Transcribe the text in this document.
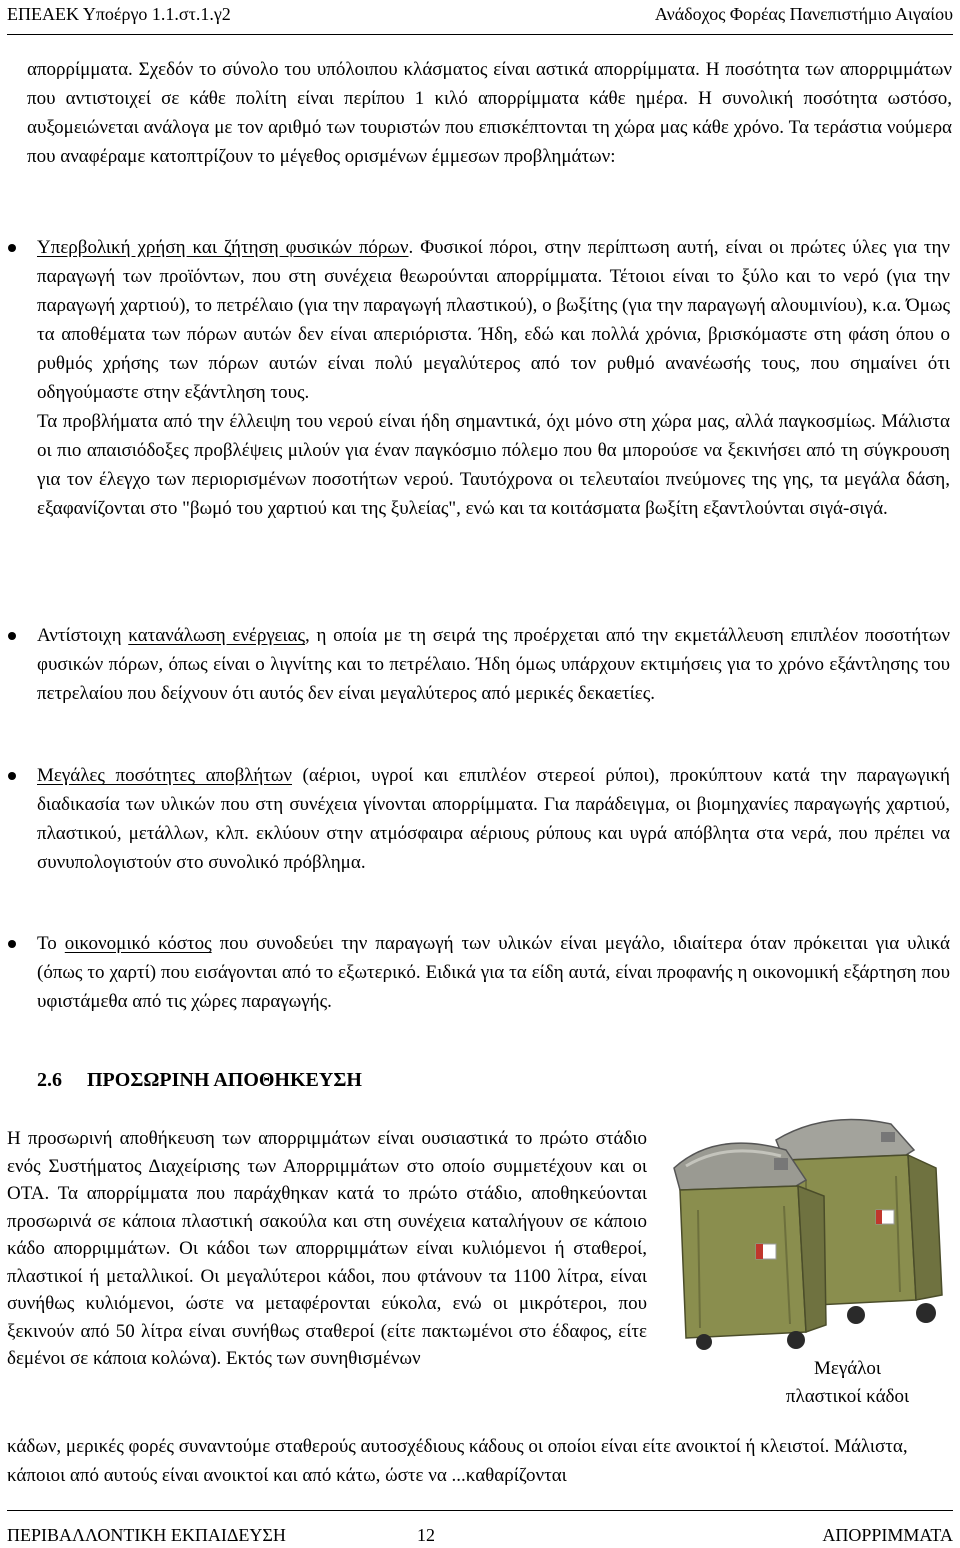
ΕΠΕΑΕΚ Υποέργο 1.1.στ.1.γ2	Ανάδοχος Φορέας Πανεπιστήμιο Αιγαίου

απορρίμματα. Σχεδόν το σύνολο του υπόλοιπου κλάσματος είναι αστικά απορρίμματα. Η ποσότητα των απορριμμάτων που αντιστοιχεί σε κάθε πολίτη είναι περίπου 1 κιλό απορρίμματα κάθε ημέρα. Η συνολική ποσότητα ωστόσο, αυξομειώνεται ανάλογα με τον αριθμό των τουριστών που επισκέπτονται τη χώρα μας κάθε χρόνο. Τα τεράστια νούμερα που αναφέραμε κατοπτρίζουν το μέγεθος ορισμένων έμμεσων προβλημάτων:

Υπερβολική χρήση και ζήτηση φυσικών πόρων. Φυσικοί πόροι, στην περίπτωση αυτή, είναι οι πρώτες ύλες για την παραγωγή των προϊόντων, που στη συνέχεια θεωρούνται απορρίμματα. Τέτοιοι είναι το ξύλο και το νερό (για την παραγωγή χαρτιού), το πετρέλαιο (για την παραγωγή πλαστικού), ο βωξίτης (για την παραγωγή αλουμινίου), κ.α. Όμως τα αποθέματα των πόρων αυτών δεν είναι απεριόριστα. Ήδη, εδώ και πολλά χρόνια, βρισκόμαστε στη φάση όπου ο ρυθμός χρήσης των πόρων αυτών είναι πολύ μεγαλύτερος από τον ρυθμό ανανέωσής τους, που σημαίνει ότι οδηγούμαστε στην εξάντληση τους.

Τα προβλήματα από την έλλειψη του νερού είναι ήδη σημαντικά, όχι μόνο στη χώρα μας, αλλά παγκοσμίως. Μάλιστα οι πιο απαισιόδοξες προβλέψεις μιλούν για έναν παγκόσμιο πόλεμο που θα μπορούσε να ξεκινήσει από τη σύγκρουση για τον έλεγχο των περιορισμένων ποσοτήτων νερού. Ταυτόχρονα οι τελευταίοι πνεύμονες της γης, τα μεγάλα δάση, εξαφανίζονται στο "βωμό του χαρτιού και της ξυλείας", ενώ και τα κοιτάσματα βωξίτη εξαντλούνται σιγά-σιγά.

Αντίστοιχη κατανάλωση ενέργειας, η οποία με τη σειρά της προέρχεται από την εκμετάλλευση επιπλέον ποσοτήτων φυσικών πόρων, όπως είναι ο λιγνίτης και το πετρέλαιο. Ήδη όμως υπάρχουν εκτιμήσεις για το χρόνο εξάντλησης του πετρελαίου που δείχνουν ότι αυτός δεν είναι μεγαλύτερος από μερικές δεκαετίες.

Μεγάλες ποσότητες αποβλήτων (αέριοι, υγροί και επιπλέον στερεοί ρύποι), προκύπτουν κατά την παραγωγική διαδικασία των υλικών που στη συνέχεια γίνονται απορρίμματα. Για παράδειγμα, οι βιομηχανίες παραγωγής χαρτιού, πλαστικού, μετάλλων, κλπ. εκλύουν στην ατμόσφαιρα αέριους ρύπους και υγρά απόβλητα στα νερά, που πρέπει να συνυπολογιστούν στο συνολικό πρόβλημα.

Το οικονομικό κόστος που συνοδεύει την παραγωγή των υλικών είναι μεγάλο, ιδιαίτερα όταν πρόκειται για υλικά (όπως το χαρτί) που εισάγονται από το εξωτερικό. Ειδικά για τα είδη αυτά, είναι προφανής η οικονομική εξάρτηση που υφιστάμεθα από τις χώρες παραγωγής.

2.6 ΠΡΟΣΩΡΙΝΗ ΑΠΟΘΗΚΕΥΣΗ

Η προσωρινή αποθήκευση των απορριμμάτων είναι ουσιαστικά το πρώτο στάδιο ενός Συστήματος Διαχείρισης των Απορριμμάτων στο οποίο συμμετέχουν και οι ΟΤΑ. Τα απορρίμματα που παράχθηκαν κατά το πρώτο στάδιο, αποθηκεύονται προσωρινά σε κάποια πλαστική σακούλα και στη συνέχεια καταλήγουν σε κάποιο κάδο απορριμμάτων. Οι κάδοι των απορριμμάτων είναι κυλιόμενοι ή σταθεροί, πλαστικοί ή μεταλλικοί. Οι μεγαλύτεροι κάδοι, που φτάνουν τα 1100 λίτρα, είναι συνήθως κυλιόμενοι, ώστε να μεταφέρονται εύκολα, ενώ οι μικρότεροι, που ξεκινούν από 50 λίτρα είναι συνήθως σταθεροί (είτε πακτωμένοι στο έδαφος, είτε δεμένοι σε κάποια κολώνα). Εκτός των συνηθισμένων	Μεγάλοι
πλαστικοί κάδοι

κάδων, μερικές φορές συναντούμε σταθερούς αυτοσχέδιους κάδους οι οποίοι είναι είτε ανοικτοί ή κλειστοί. Μάλιστα, κάποιοι από αυτούς είναι ανοικτοί και από κάτω, ώστε να ...καθαρίζονται

ΠΕΡΙΒΑΛΛΟΝΤΙΚΗ ΕΚΠΑΙΔΕΥΣΗ	12	ΑΠΟΡΡΙΜΜΑΤΑ
